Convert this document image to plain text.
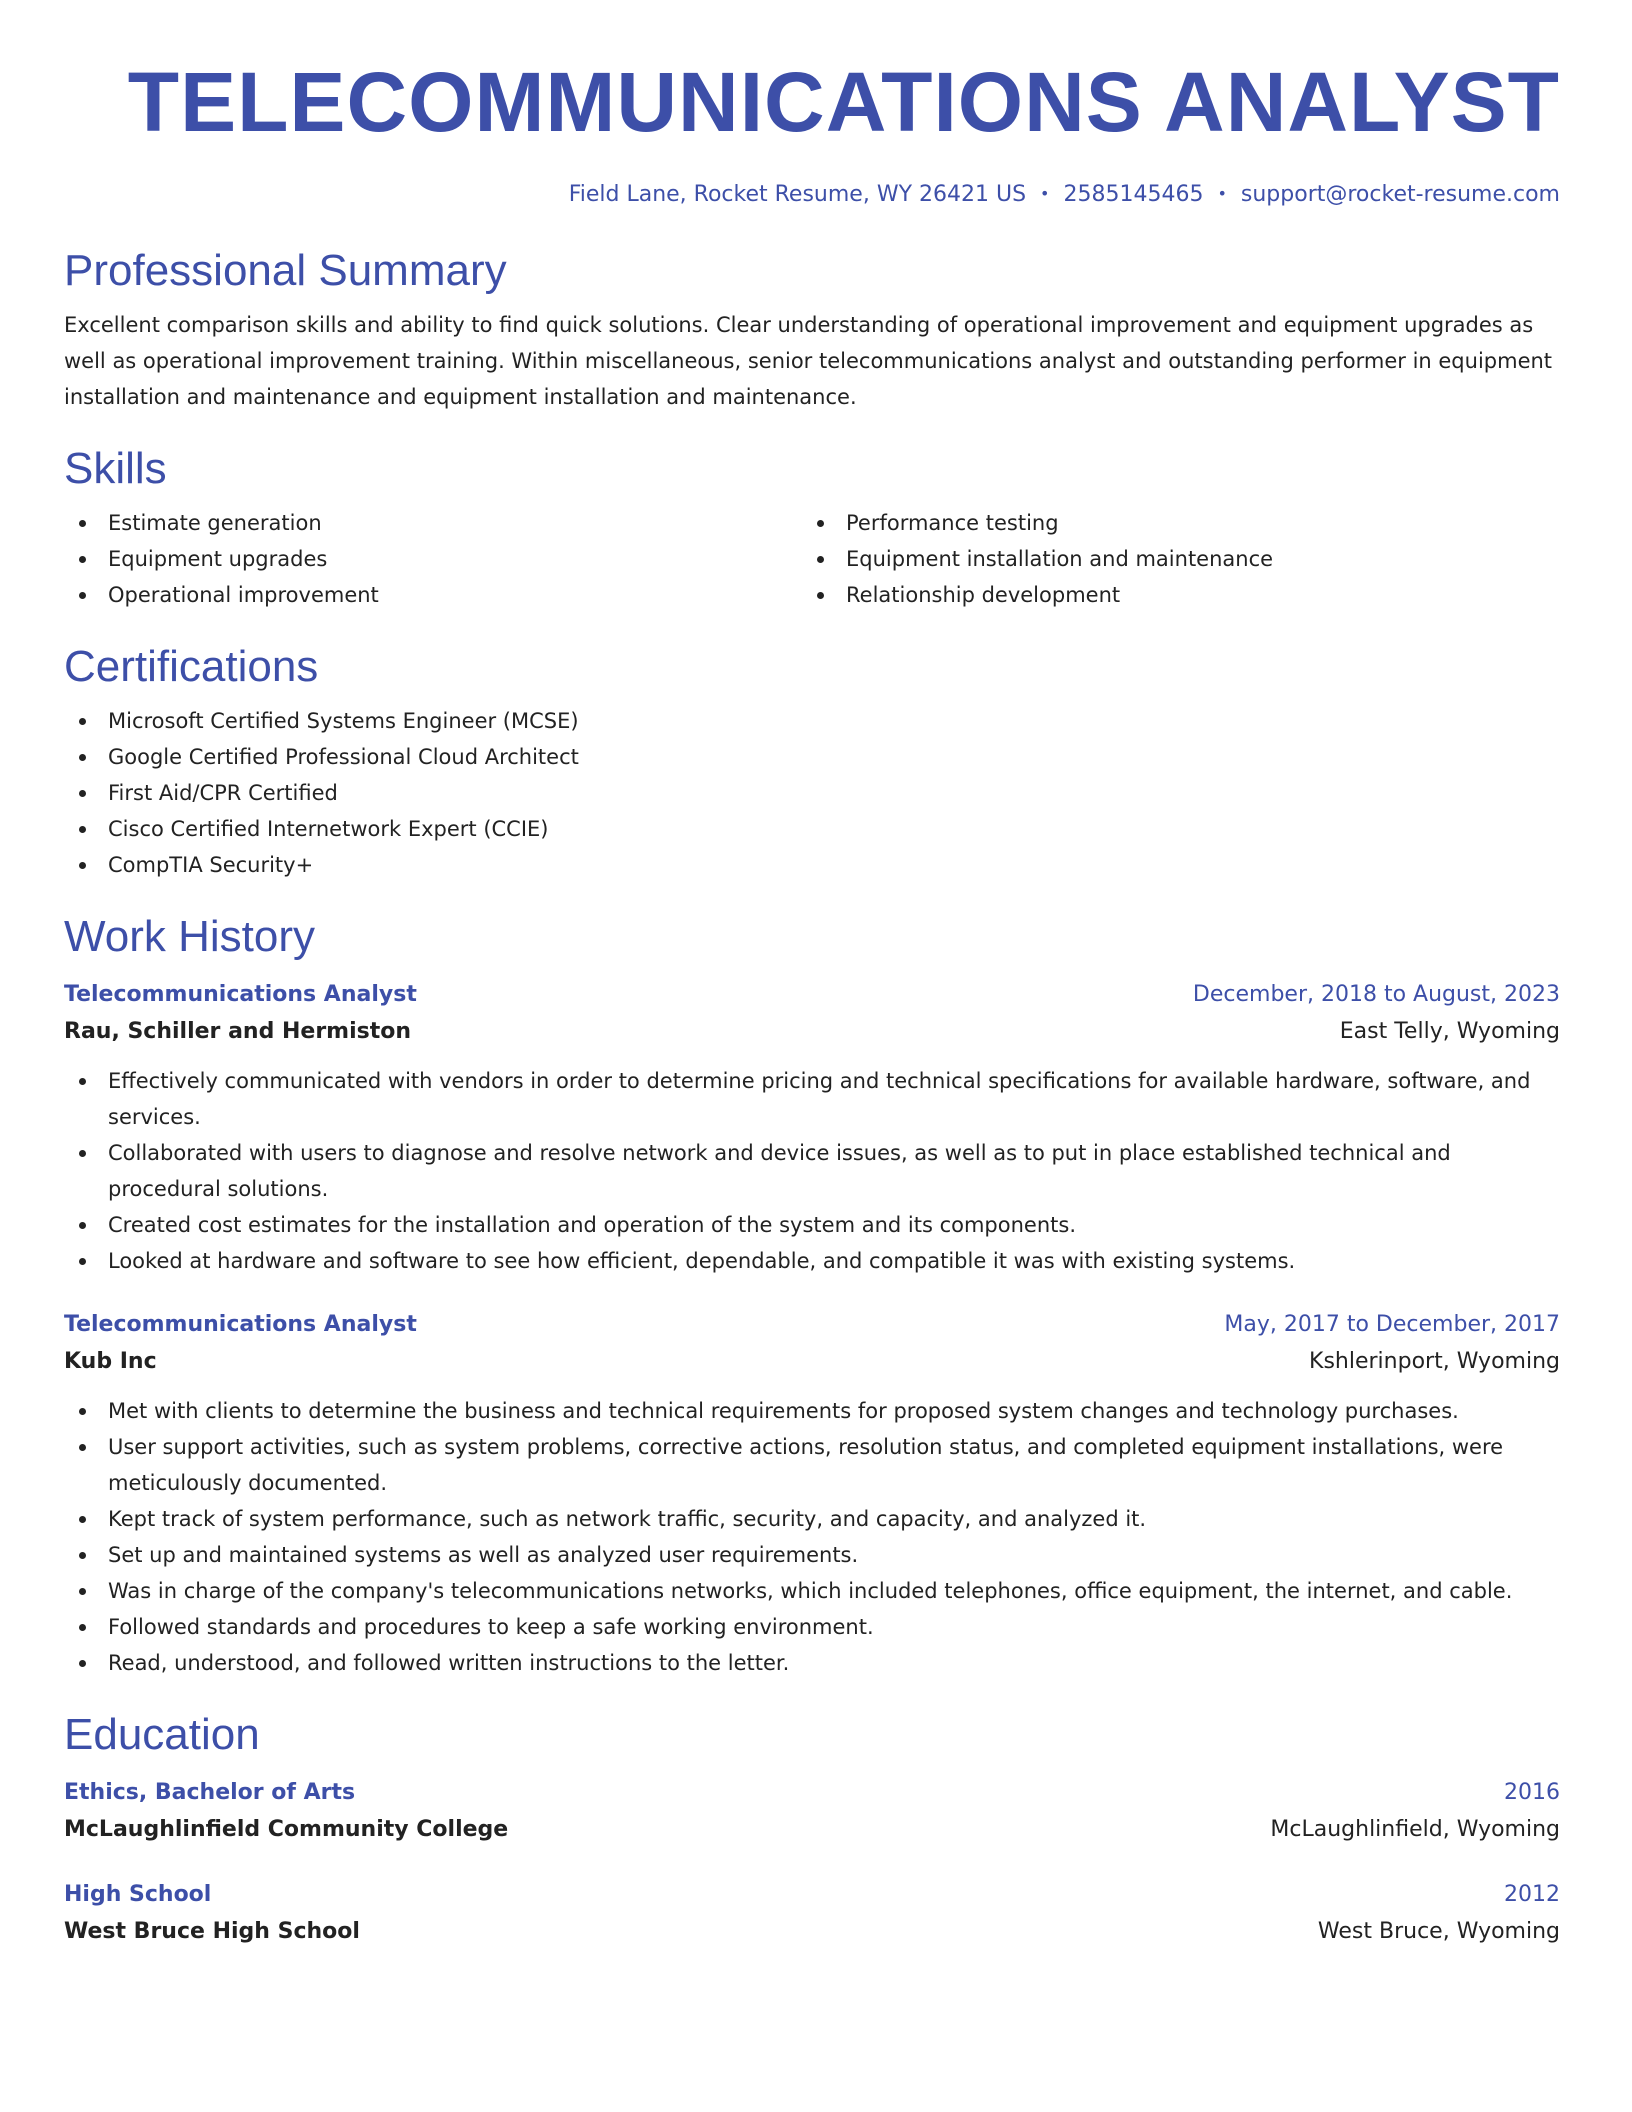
TELECOMMUNICATIONS ANALYST
Field Lane, Rocket Resume, WY 26421 US • 2585145465 • support@rocket-resume.com
Professional Summary
Excellent comparison skills and ability to find quick solutions. Clear understanding of operational improvement and equipment upgrades as well as operational improvement training. Within miscellaneous, senior telecommunications analyst and outstanding performer in equipment installation and maintenance and equipment installation and maintenance.
Skills
Estimate generation
Equipment upgrades
Operational improvement
Performance testing
Equipment installation and maintenance
Relationship development
Certifications
Microsoft Certified Systems Engineer (MCSE)
Google Certified Professional Cloud Architect
First Aid/CPR Certified
Cisco Certified Internetwork Expert (CCIE)
CompTIA Security+
Work History
Telecommunications Analyst	December, 2018 to August, 2023
Rau, Schiller and Hermiston	East Telly, Wyoming
Effectively communicated with vendors in order to determine pricing and technical specifications for available hardware, software, and services.
Collaborated with users to diagnose and resolve network and device issues, as well as to put in place established technical and procedural solutions.
Created cost estimates for the installation and operation of the system and its components.
Looked at hardware and software to see how efficient, dependable, and compatible it was with existing systems.
Telecommunications Analyst	May, 2017 to December, 2017
Kub Inc	Kshlerinport, Wyoming
Met with clients to determine the business and technical requirements for proposed system changes and technology purchases.
User support activities, such as system problems, corrective actions, resolution status, and completed equipment installations, were meticulously documented.
Kept track of system performance, such as network traffic, security, and capacity, and analyzed it.
Set up and maintained systems as well as analyzed user requirements.
Was in charge of the company's telecommunications networks, which included telephones, office equipment, the internet, and cable.
Followed standards and procedures to keep a safe working environment.
Read, understood, and followed written instructions to the letter.
Education
Ethics, Bachelor of Arts	2016
McLaughlinfield Community College	McLaughlinfield, Wyoming
High School	2012
West Bruce High School	West Bruce, Wyoming
